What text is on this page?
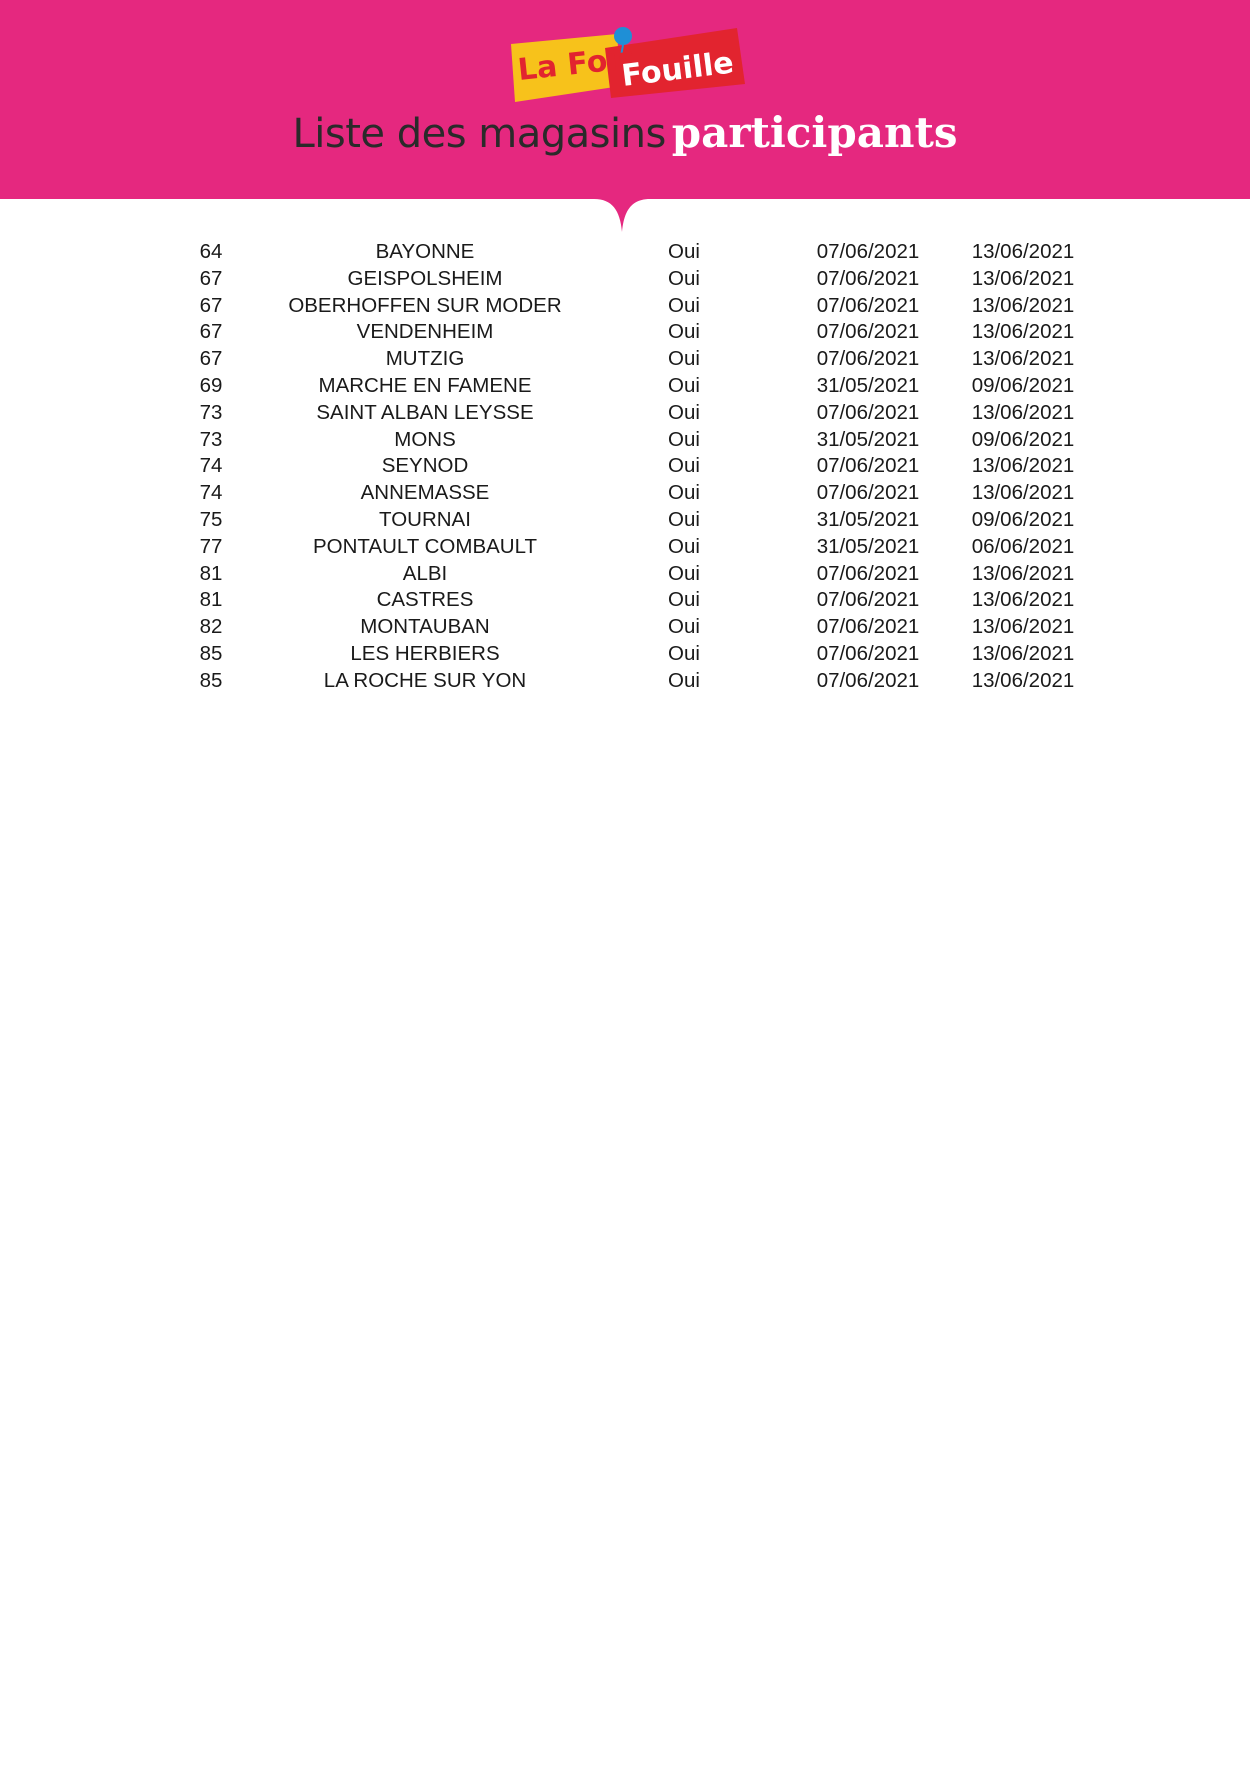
La Foir
Fouille
Liste des magasins participants
64	BAYONNE	Oui	07/06/2021	13/06/2021
67	GEISPOLSHEIM	Oui	07/06/2021	13/06/2021
67	OBERHOFFEN SUR MODER	Oui	07/06/2021	13/06/2021
67	VENDENHEIM	Oui	07/06/2021	13/06/2021
67	MUTZIG	Oui	07/06/2021	13/06/2021
69	MARCHE EN FAMENE	Oui	31/05/2021	09/06/2021
73	SAINT ALBAN LEYSSE	Oui	07/06/2021	13/06/2021
73	MONS	Oui	31/05/2021	09/06/2021
74	SEYNOD	Oui	07/06/2021	13/06/2021
74	ANNEMASSE	Oui	07/06/2021	13/06/2021
75	TOURNAI	Oui	31/05/2021	09/06/2021
77	PONTAULT COMBAULT	Oui	31/05/2021	06/06/2021
81	ALBI	Oui	07/06/2021	13/06/2021
81	CASTRES	Oui	07/06/2021	13/06/2021
82	MONTAUBAN	Oui	07/06/2021	13/06/2021
85	LES HERBIERS	Oui	07/06/2021	13/06/2021
85	LA ROCHE SUR YON	Oui	07/06/2021	13/06/2021
